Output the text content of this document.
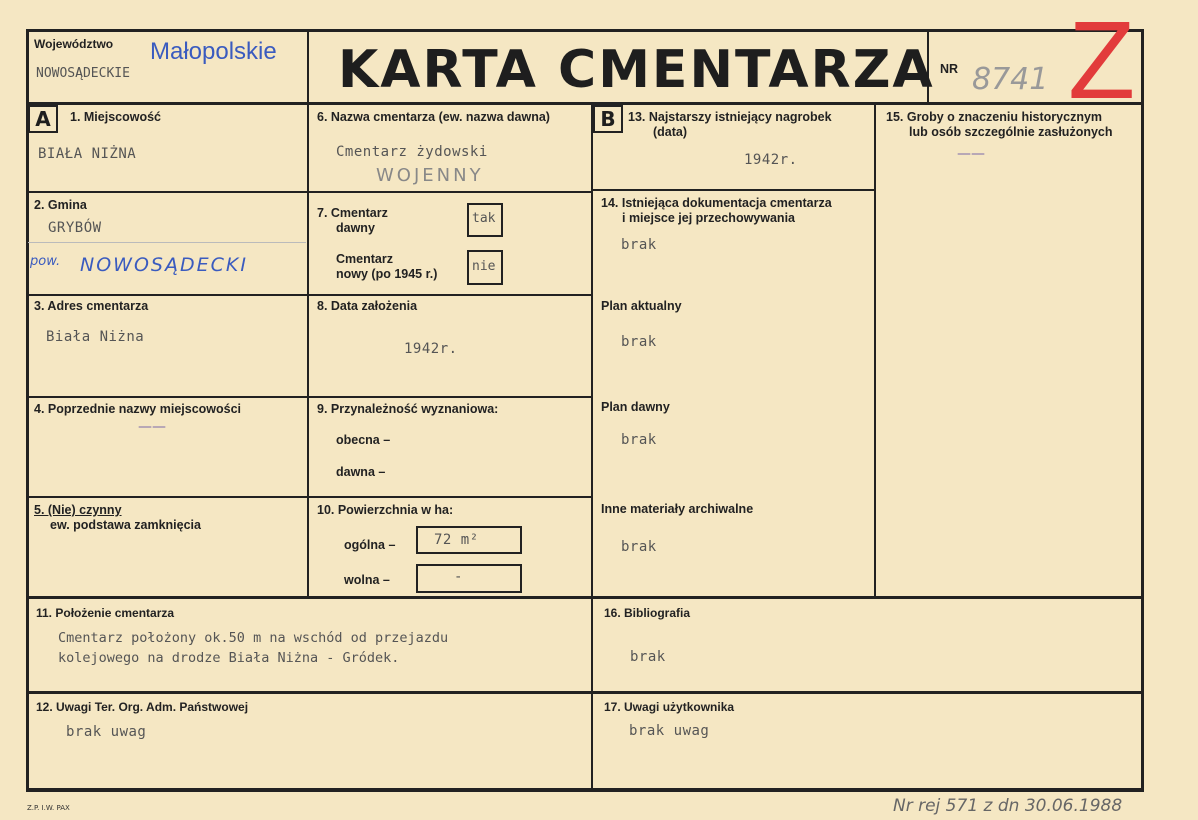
Województwo
NOWOSĄDECKIE
Małopolskie KARTA CMENTARZA NR 8741 Z
A	B
1. Miejscowość
BIAŁA NIŻNA
2. Gmina
GRYBÓW
pow. NOWOSĄDECKI
3. Adres cmentarza
Biała Niżna
4. Poprzednie nazwy miejscowości
——
5. (Nie) czynny
ew. podstawa zamknięcia
6. Nazwa cmentarza (ew. nazwa dawna)
Cmentarz żydowski
WOJENNY
7. Cmentarz
dawny
tak
Cmentarz
nowy (po 1945 r.)	nie
8. Data założenia
1942r.
9. Przynależność wyznaniowa:
obecna –
dawna –
10. Powierzchnia w ha:
ogólna –	72 m²
wolna –	-
13. Najstarszy istniejący nagrobek
(data)
1942r.
14. Istniejąca dokumentacja cmentarza
i miejsce jej przechowywania
brak
Plan aktualny
brak
Plan dawny
brak
Inne materiały archiwalne
brak
15. Groby o znaczeniu historycznym
lub osób szczególnie zasłużonych
——
11. Położenie cmentarza
Cmentarz położony ok.50 m na wschód od przejazdu
kolejowego na drodze Biała Niżna - Gródek.
16. Bibliografia
brak
12. Uwagi Ter. Org. Adm. Państwowej
brak uwag
17. Uwagi użytkownika
brak uwag
Z.P. I.W. PAX	Nr rej 571 z dn 30.06.1988
